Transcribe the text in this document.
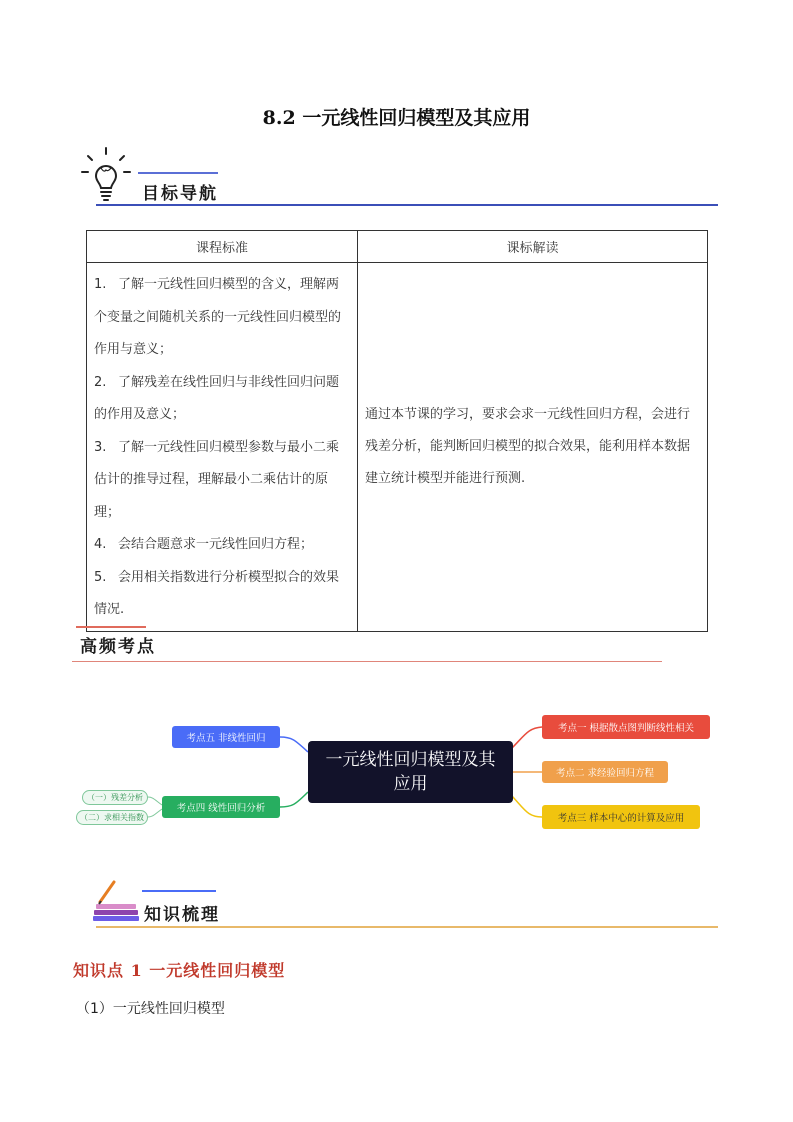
8.2 一元线性回归模型及其应用
目标导航
课程标准	课标解读

1. 了解一元线性回归模型的含义，理解两个变量之间随机关系的一元线性回归模型的作用与意义；

2. 了解残差在线性回归与非线性回归问题的作用及意义；

3. 了解一元线性回归模型参数与最小二乘估计的推导过程，理解最小二乘估计的原理；

4. 会结合题意求一元线性回归方程；

5. 会用相关指数进行分析模型拟合的效果情况.	通过本节课的学习，要求会求一元线性回归方程，会进行残差分析，能判断回归模型的拟合效果，能利用样本数据建立统计模型并能进行预测.
高频考点
一元线性回归模型及其
应用
考点一 根据散点图判断线性相关
考点二 求经验回归方程
考点三 样本中心的计算及应用
考点五 非线性回归
考点四 线性回归分析
（一）残差分析
（二）求相关指数
知识梳理
知识点 1 一元线性回归模型
（1）一元线性回归模型
